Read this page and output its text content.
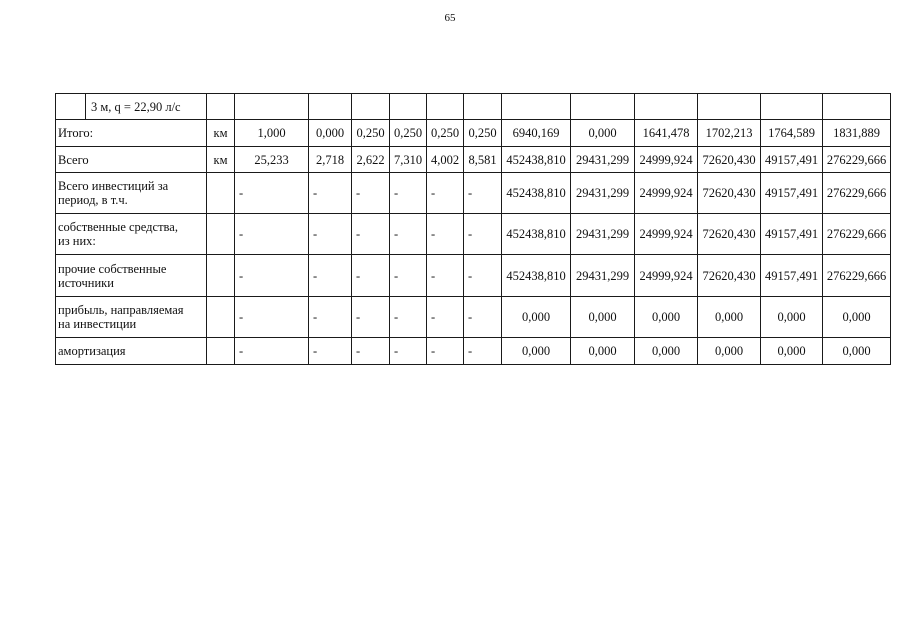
65
	3 м, q = 22,90 л/с													
Итого:		км	1,000	0,000	0,250	0,250	0,250	0,250	6940,169	0,000	1641,478	1702,213	1764,589	1831,889
Всего		км	25,233	2,718	2,622	7,310	4,002	8,581	452438,810	29431,299	24999,924	72620,430	49157,491	276229,666
Всего инвестиций за
период, в т.ч.			-	-	-	-	-	-	452438,810	29431,299	24999,924	72620,430	49157,491	276229,666
собственные средства,
из них:			-	-	-	-	-	-	452438,810	29431,299	24999,924	72620,430	49157,491	276229,666
прочие собственные
источники			-	-	-	-	-	-	452438,810	29431,299	24999,924	72620,430	49157,491	276229,666
прибыль, направляемая
на инвестиции			-	-	-	-	-	-	0,000	0,000	0,000	0,000	0,000	0,000
амортизация			-	-	-	-	-	-	0,000	0,000	0,000	0,000	0,000	0,000
